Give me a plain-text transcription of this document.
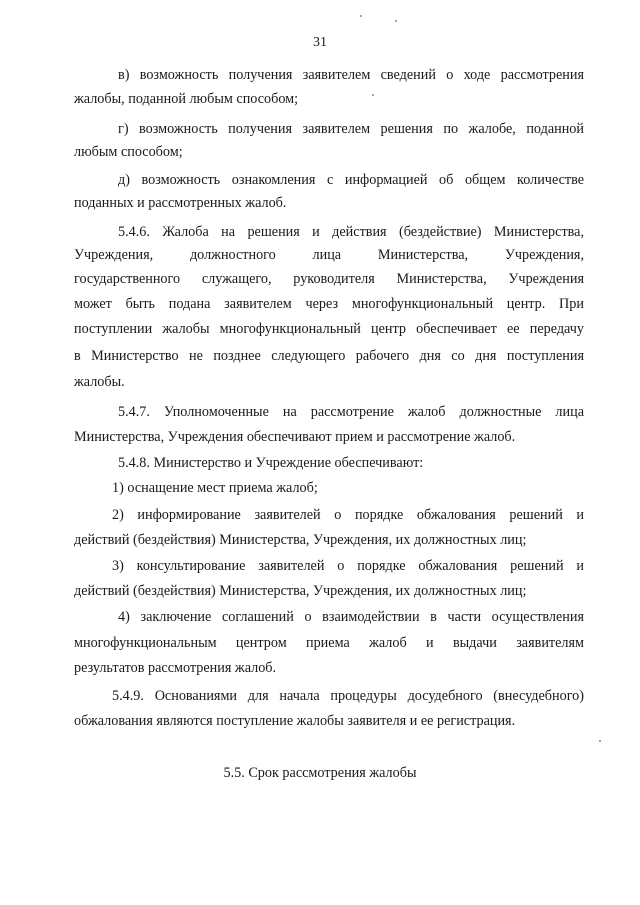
31
в) возможность получения заявителем сведений о ходе рассмотрения
жалобы, поданной любым способом;
г) возможность получения заявителем решения по жалобе, поданной
любым способом;
д) возможность ознакомления с информацией об общем количестве
поданных и рассмотренных жалоб.
5.4.6. Жалоба на решения и действия (бездействие) Министерства,
Учреждения, должностного лица Министерства, Учреждения,
государственного служащего, руководителя Министерства, Учреждения
может быть подана заявителем через многофункциональный центр. При
поступлении жалобы многофункциональный центр обеспечивает ее передачу
в Министерство не позднее следующего рабочего дня со дня поступления
жалобы.
5.4.7. Уполномоченные на рассмотрение жалоб должностные лица
Министерства, Учреждения обеспечивают прием и рассмотрение жалоб.
5.4.8. Министерство и Учреждение обеспечивают:
1) оснащение мест приема жалоб;
2) информирование заявителей о порядке обжалования решений и
действий (бездействия) Министерства, Учреждения, их должностных лиц;
3) консультирование заявителей о порядке обжалования решений и
действий (бездействия) Министерства, Учреждения, их должностных лиц;
4) заключение соглашений о взаимодействии в части осуществления
многофункциональным центром приема жалоб и выдачи заявителям
результатов рассмотрения жалоб.
5.4.9. Основаниями для начала процедуры досудебного (внесудебного)
обжалования являются поступление жалобы заявителя и ее регистрация.
5.5. Срок рассмотрения жалобы
